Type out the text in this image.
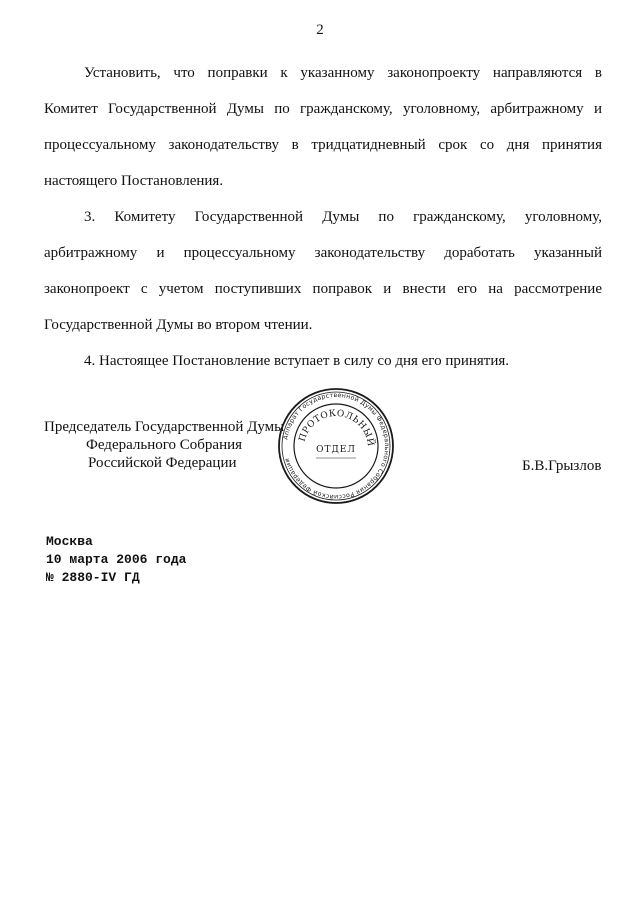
2
Установить, что поправки к указанному законопроекту направляются в
Комитет Государственной Думы по гражданскому, уголовному, арбитражному и
процессуальному законодательству в тридцатидневный срок со дня принятия
настоящего Постановления.
3. Комитету Государственной Думы по гражданскому, уголовному,
арбитражному и процессуальному законодательству доработать указанный
законопроект с учетом поступивших поправок и внести его на рассмотрение
Государственной Думы во втором чтении.
4. Настоящее Постановление вступает в силу со дня его принятия.
Председатель Государственной Думы
Федерального Собрания
Российской Федерации	Б.В.Грызлов
Аппарат Государственной Думы Федерального Собрания Российской Федерации
ПРОТОКОЛЬНЫЙ
ОТДЕЛ
Москва
10 марта 2006 года
№ 2880-IV ГД
